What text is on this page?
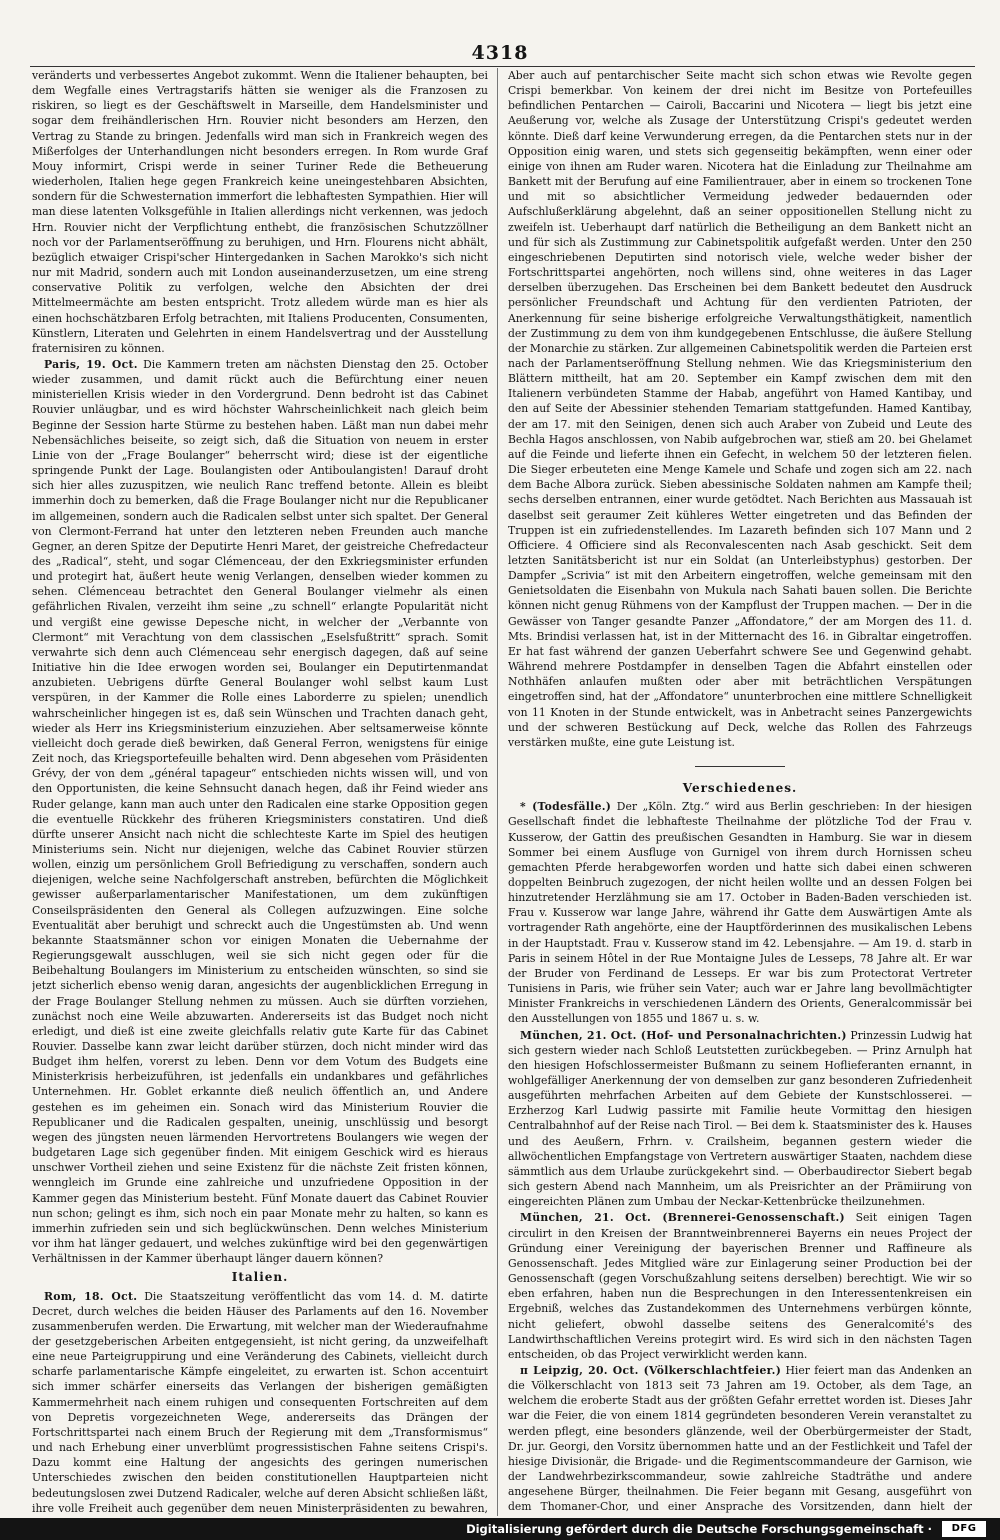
4318

veränderts und verbessertes Angebot zukommt. Wenn die Italiener behaupten, bei dem Wegfalle eines Vertragstarifs hätten sie weniger als die Franzosen zu riskiren, so liegt es der Geschäftswelt in Marseille, dem Handelsminister und sogar dem freihändlerischen Hrn. Rouvier nicht besonders am Herzen, den Vertrag zu Stande zu bringen. Jedenfalls wird man sich in Frankreich wegen des Mißerfolges der Unterhandlungen nicht besonders erregen. In Rom wurde Graf Mouy informirt, Crispi werde in seiner Turiner Rede die Betheuerung wiederholen, Italien hege gegen Frankreich keine uneingestehbaren Absichten, sondern für die Schwesternation immerfort die lebhaftesten Sympathien. Hier will man diese latenten Volksgefühle in Italien allerdings nicht verkennen, was jedoch Hrn. Rouvier nicht der Verpflichtung enthebt, die französischen Schutzzöllner noch vor der Parlamentseröffnung zu beruhigen, und Hrn. Flourens nicht abhält, bezüglich etwaiger Crispi'scher Hintergedanken in Sachen Marokko's sich nicht nur mit Madrid, sondern auch mit London auseinanderzusetzen, um eine streng conservative Politik zu verfolgen, welche den Absichten der drei Mittelmeermächte am besten entspricht. Trotz alledem würde man es hier als einen hochschätzbaren Erfolg betrachten, mit Italiens Producenten, Consumenten, Künstlern, Literaten und Gelehrten in einem Handelsvertrag und der Ausstellung fraternisiren zu können.

Paris, 19. Oct. Die Kammern treten am nächsten Dienstag den 25. October wieder zusammen, und damit rückt auch die Befürchtung einer neuen ministeriellen Krisis wieder in den Vordergrund. Denn bedroht ist das Cabinet Rouvier unläugbar, und es wird höchster Wahrscheinlichkeit nach gleich beim Beginne der Session harte Stürme zu bestehen haben. Läßt man nun dabei mehr Nebensächliches beiseite, so zeigt sich, daß die Situation von neuem in erster Linie von der „Frage Boulanger“ beherrscht wird; diese ist der eigentliche springende Punkt der Lage. Boulangisten oder Antiboulangisten! Darauf droht sich hier alles zuzuspitzen, wie neulich Ranc treffend betonte. Allein es bleibt immerhin doch zu bemerken, daß die Frage Boulanger nicht nur die Republicaner im allgemeinen, sondern auch die Radicalen selbst unter sich spaltet. Der General von Clermont-Ferrand hat unter den letzteren neben Freunden auch manche Gegner, an deren Spitze der Deputirte Henri Maret, der geistreiche Chefredacteur des „Radical“, steht, und sogar Clémenceau, der den Exkriegsminister erfunden und protegirt hat, äußert heute wenig Verlangen, denselben wieder kommen zu sehen. Clémenceau betrachtet den General Boulanger vielmehr als einen gefährlichen Rivalen, verzeiht ihm seine „zu schnell“ erlangte Popularität nicht und vergißt eine gewisse Depesche nicht, in welcher der „Verbannte von Clermont“ mit Verachtung von dem classischen „Eselsfußtritt“ sprach. Somit verwahrte sich denn auch Clémenceau sehr energisch dagegen, daß auf seine Initiative hin die Idee erwogen worden sei, Boulanger ein Deputirtenmandat anzubieten. Uebrigens dürfte General Boulanger wohl selbst kaum Lust verspüren, in der Kammer die Rolle eines Laborderre zu spielen; unendlich wahrscheinlicher hingegen ist es, daß sein Wünschen und Trachten danach geht, wieder als Herr ins Kriegsministerium einzuziehen. Aber seltsamerweise könnte vielleicht doch gerade dieß bewirken, daß General Ferron, wenigstens für einige Zeit noch, das Kriegsportefeuille behalten wird. Denn abgesehen vom Präsidenten Grévy, der von dem „général tapageur“ entschieden nichts wissen will, und von den Opportunisten, die keine Sehnsucht danach hegen, daß ihr Feind wieder ans Ruder gelange, kann man auch unter den Radicalen eine starke Opposition gegen die eventuelle Rückkehr des früheren Kriegsministers constatiren. Und dieß dürfte unserer Ansicht nach nicht die schlechteste Karte im Spiel des heutigen Ministeriums sein. Nicht nur diejenigen, welche das Cabinet Rouvier stürzen wollen, einzig um persönlichem Groll Befriedigung zu verschaffen, sondern auch diejenigen, welche seine Nachfolgerschaft anstreben, befürchten die Möglichkeit gewisser außerparlamentarischer Manifestationen, um dem zukünftigen Conseilspräsidenten den General als Collegen aufzuzwingen. Eine solche Eventualität aber beruhigt und schreckt auch die Ungestümsten ab. Und wenn bekannte Staatsmänner schon vor einigen Monaten die Uebernahme der Regierungsgewalt ausschlugen, weil sie sich nicht gegen oder für die Beibehaltung Boulangers im Ministerium zu entscheiden wünschten, so sind sie jetzt sicherlich ebenso wenig daran, angesichts der augenblicklichen Erregung in der Frage Boulanger Stellung nehmen zu müssen. Auch sie dürften vorziehen, zunächst noch eine Weile abzuwarten. Andererseits ist das Budget noch nicht erledigt, und dieß ist eine zweite gleichfalls relativ gute Karte für das Cabinet Rouvier. Dasselbe kann zwar leicht darüber stürzen, doch nicht minder wird das Budget ihm helfen, vorerst zu leben. Denn vor dem Votum des Budgets eine Ministerkrisis herbeizuführen, ist jedenfalls ein undankbares und gefährliches Unternehmen. Hr. Goblet erkannte dieß neulich öffentlich an, und Andere gestehen es im geheimen ein. Sonach wird das Ministerium Rouvier die Republicaner und die Radicalen gespalten, uneinig, unschlüssig und besorgt wegen des jüngsten neuen lärmenden Hervortretens Boulangers wie wegen der budgetaren Lage sich gegenüber finden. Mit einigem Geschick wird es hieraus unschwer Vortheil ziehen und seine Existenz für die nächste Zeit fristen können, wenngleich im Grunde eine zahlreiche und unzufriedene Opposition in der Kammer gegen das Ministerium besteht. Fünf Monate dauert das Cabinet Rouvier nun schon; gelingt es ihm, sich noch ein paar Monate mehr zu halten, so kann es immerhin zufrieden sein und sich beglückwünschen. Denn welches Ministerium vor ihm hat länger gedauert, und welches zukünftige wird bei den gegenwärtigen Verhältnissen in der Kammer überhaupt länger dauern können?

Italien.

Rom, 18. Oct. Die Staatszeitung veröffentlicht das vom 14. d. M. datirte Decret, durch welches die beiden Häuser des Parlaments auf den 16. November zusammenberufen werden. Die Erwartung, mit welcher man der Wiederaufnahme der gesetzgeberischen Arbeiten entgegensieht, ist nicht gering, da unzweifelhaft eine neue Parteigruppirung und eine Veränderung des Cabinets, vielleicht durch scharfe parlamentarische Kämpfe eingeleitet, zu erwarten ist. Schon accentuirt sich immer schärfer einerseits das Verlangen der bisherigen gemäßigten Kammermehrheit nach einem ruhigen und consequenten Fortschreiten auf dem von Depretis vorgezeichneten Wege, andererseits das Drängen der Fortschrittspartei nach einem Bruch der Regierung mit dem „Transformismus“ und nach Erhebung einer unverblümt progressistischen Fahne seitens Crispi's. Dazu kommt eine Haltung der angesichts des geringen numerischen Unterschiedes zwischen den beiden constitutionellen Hauptparteien nicht bedeutungslosen zwei Dutzend Radicaler, welche auf deren Absicht schließen läßt, ihre volle Freiheit auch gegenüber dem neuen Ministerpräsidenten zu bewahren,

Aber auch auf pentarchischer Seite macht sich schon etwas wie Revolte gegen Crispi bemerkbar. Von keinem der drei nicht im Besitze von Portefeuilles befindlichen Pentarchen — Cairoli, Baccarini und Nicotera — liegt bis jetzt eine Aeußerung vor, welche als Zusage der Unterstützung Crispi's gedeutet werden könnte. Dieß darf keine Verwunderung erregen, da die Pentarchen stets nur in der Opposition einig waren, und stets sich gegenseitig bekämpften, wenn einer oder einige von ihnen am Ruder waren. Nicotera hat die Einladung zur Theilnahme am Bankett mit der Berufung auf eine Familientrauer, aber in einem so trockenen Tone und mit so absichtlicher Vermeidung jedweder bedauernden oder Aufschlußerklärung abgelehnt, daß an seiner oppositionellen Stellung nicht zu zweifeln ist. Ueberhaupt darf natürlich die Betheiligung an dem Bankett nicht an und für sich als Zustimmung zur Cabinetspolitik aufgefaßt werden. Unter den 250 eingeschriebenen Deputirten sind notorisch viele, welche weder bisher der Fortschrittspartei angehörten, noch willens sind, ohne weiteres in das Lager derselben überzugehen. Das Erscheinen bei dem Bankett bedeutet den Ausdruck persönlicher Freundschaft und Achtung für den verdienten Patrioten, der Anerkennung für seine bisherige erfolgreiche Verwaltungsthätigkeit, namentlich der Zustimmung zu dem von ihm kundgegebenen Entschlusse, die äußere Stellung der Monarchie zu stärken. Zur allgemeinen Cabinetspolitik werden die Parteien erst nach der Parlamentseröffnung Stellung nehmen. Wie das Kriegsministerium den Blättern mittheilt, hat am 20. September ein Kampf zwischen dem mit den Italienern verbündeten Stamme der Habab, angeführt von Hamed Kantibay, und den auf Seite der Abessinier stehenden Temariam stattgefunden. Hamed Kantibay, der am 17. mit den Seinigen, denen sich auch Araber von Zubeid und Leute des Bechla Hagos anschlossen, von Nabib aufgebrochen war, stieß am 20. bei Ghelamet auf die Feinde und lieferte ihnen ein Gefecht, in welchem 50 der letzteren fielen. Die Sieger erbeuteten eine Menge Kamele und Schafe und zogen sich am 22. nach dem Bache Albora zurück. Sieben abessinische Soldaten nahmen am Kampfe theil; sechs derselben entrannen, einer wurde getödtet. Nach Berichten aus Massauah ist daselbst seit geraumer Zeit kühleres Wetter eingetreten und das Befinden der Truppen ist ein zufriedenstellendes. Im Lazareth befinden sich 107 Mann und 2 Officiere. 4 Officiere sind als Reconvalescenten nach Asab geschickt. Seit dem letzten Sanitätsbericht ist nur ein Soldat (an Unterleibstyphus) gestorben. Der Dampfer „Scrivia“ ist mit den Arbeitern eingetroffen, welche gemeinsam mit den Genietsoldaten die Eisenbahn von Mukula nach Sahati bauen sollen. Die Berichte können nicht genug Rühmens von der Kampflust der Truppen machen. — Der in die Gewässer von Tanger gesandte Panzer „Affondatore,“ der am Morgen des 11. d. Mts. Brindisi verlassen hat, ist in der Mitternacht des 16. in Gibraltar eingetroffen. Er hat fast während der ganzen Ueberfahrt schwere See und Gegenwind gehabt. Während mehrere Postdampfer in denselben Tagen die Abfahrt einstellen oder Nothhäfen anlaufen mußten oder aber mit beträchtlichen Verspätungen eingetroffen sind, hat der „Affondatore“ ununterbrochen eine mittlere Schnelligkeit von 11 Knoten in der Stunde entwickelt, was in Anbetracht seines Panzergewichts und der schweren Bestückung auf Deck, welche das Rollen des Fahrzeugs verstärken mußte, eine gute Leistung ist.

Verschiedenes.

* (Todesfälle.) Der „Köln. Ztg.“ wird aus Berlin geschrieben: In der hiesigen Gesellschaft findet die lebhafteste Theilnahme der plötzliche Tod der Frau v. Kusserow, der Gattin des preußischen Gesandten in Hamburg. Sie war in diesem Sommer bei einem Ausfluge von Gurnigel von ihrem durch Hornissen scheu gemachten Pferde herabgeworfen worden und hatte sich dabei einen schweren doppelten Beinbruch zugezogen, der nicht heilen wollte und an dessen Folgen bei hinzutretender Herzlähmung sie am 17. October in Baden-Baden verschieden ist. Frau v. Kusserow war lange Jahre, während ihr Gatte dem Auswärtigen Amte als vortragender Rath angehörte, eine der Hauptförderinnen des musikalischen Lebens in der Hauptstadt. Frau v. Kusserow stand im 42. Lebensjahre. — Am 19. d. starb in Paris in seinem Hôtel in der Rue Montaigne Jules de Lesseps, 78 Jahre alt. Er war der Bruder von Ferdinand de Lesseps. Er war bis zum Protectorat Vertreter Tunisiens in Paris, wie früher sein Vater; auch war er Jahre lang bevollmächtigter Minister Frankreichs in verschiedenen Ländern des Orients, Generalcommissär bei den Ausstellungen von 1855 und 1867 u. s. w.

München, 21. Oct. (Hof- und Personalnachrichten.) Prinzessin Ludwig hat sich gestern wieder nach Schloß Leutstetten zurückbegeben. — Prinz Arnulph hat den hiesigen Hofschlossermeister Bußmann zu seinem Hoflieferanten ernannt, in wohlgefälliger Anerkennung der von demselben zur ganz besonderen Zufriedenheit ausgeführten mehrfachen Arbeiten auf dem Gebiete der Kunstschlosserei. — Erzherzog Karl Ludwig passirte mit Familie heute Vormittag den hiesigen Centralbahnhof auf der Reise nach Tirol. — Bei dem k. Staatsminister des k. Hauses und des Aeußern, Frhrn. v. Crailsheim, begannen gestern wieder die allwöchentlichen Empfangstage von Vertretern auswärtiger Staaten, nachdem diese sämmtlich aus dem Urlaube zurückgekehrt sind. — Oberbaudirector Siebert begab sich gestern Abend nach Mannheim, um als Preisrichter an der Prämiirung von eingereichten Plänen zum Umbau der Neckar-Kettenbrücke theilzunehmen.

München, 21. Oct. (Brennerei-Genossenschaft.) Seit einigen Tagen circulirt in den Kreisen der Branntweinbrennerei Bayerns ein neues Project der Gründung einer Vereinigung der bayerischen Brenner und Raffineure als Genossenschaft. Jedes Mitglied wäre zur Einlagerung seiner Production bei der Genossenschaft (gegen Vorschußzahlung seitens derselben) berechtigt. Wie wir so eben erfahren, haben nun die Besprechungen in den Interessentenkreisen ein Ergebniß, welches das Zustandekommen des Unternehmens verbürgen könnte, nicht geliefert, obwohl dasselbe seitens des Generalcomité's des Landwirthschaftlichen Vereins protegirt wird. Es wird sich in den nächsten Tagen entscheiden, ob das Project verwirklicht werden kann.

π Leipzig, 20. Oct. (Völkerschlachtfeier.) Hier feiert man das Andenken an die Völkerschlacht von 1813 seit 73 Jahren am 19. October, als dem Tage, an welchem die eroberte Stadt aus der größten Gefahr errettet worden ist. Dieses Jahr war die Feier, die von einem 1814 gegründeten besonderen Verein veranstaltet zu werden pflegt, eine besonders glänzende, weil der Oberbürgermeister der Stadt, Dr. jur. Georgi, den Vorsitz übernommen hatte und an der Festlichkeit und Tafel der hiesige Divisionär, die Brigade- und die Regimentscommandeure der Garnison, wie der Landwehrbezirkscommandeur, sowie zahlreiche Stadträthe und andere angesehene Bürger, theilnahmen. Die Feier begann mit Gesang, ausgeführt von dem Thomaner-Chor, und einer Ansprache des Vorsitzenden, dann hielt der

Digitalisierung gefördert durch die Deutsche Forschungsgemeinschaft ·	DFG
